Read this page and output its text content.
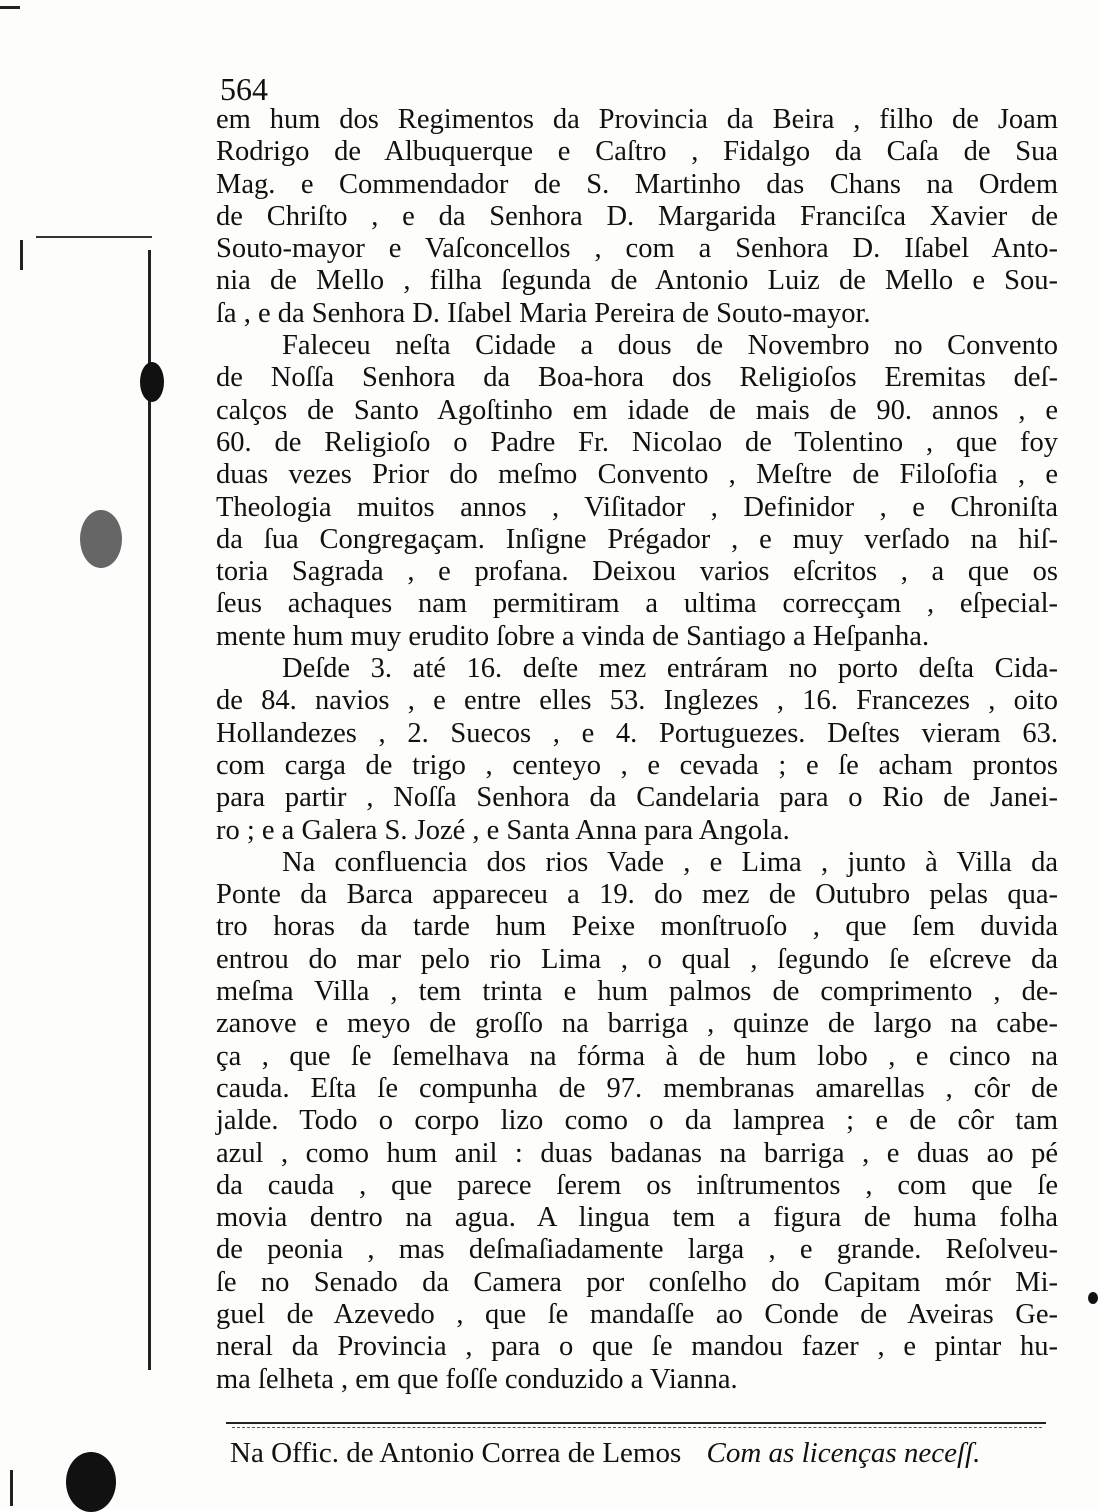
564
em hum dos Regimentos da Provincia da Beira , filho de Joam
Rodrigo de Albuquerque e Caſtro , Fidalgo da Caſa de Sua
Mag. e Commendador de S. Martinho das Chans na Ordem
de Chriſto , e da Senhora D. Margarida Franciſca Xavier de
Souto-mayor e Vaſconcellos , com a Senhora D. Iſabel Anto-
nia de Mello , filha ſegunda de Antonio Luiz de Mello e Sou-
ſa , e da Senhora D. Iſabel Maria Pereira de Souto-mayor.
Faleceu neſta Cidade a dous de Novembro no Convento
de Noſſa Senhora da Boa-hora dos Religioſos Eremitas deſ-
calços de Santo Agoſtinho em idade de mais de 90. annos , e
60. de Religioſo o Padre Fr. Nicolao de Tolentino , que foy
duas vezes Prior do meſmo Convento , Meſtre de Filoſofia , e
Theologia muitos annos , Viſitador , Definidor , e Chroniſta
da ſua Congregaçam. Inſigne Prégador , e muy verſado na hiſ-
toria Sagrada , e profana. Deixou varios eſcritos , a que os
ſeus achaques nam permitiram a ultima correcçam , eſpecial-
mente hum muy erudito ſobre a vinda de Santiago a Heſpanha.
Deſde 3. até 16. deſte mez entráram no porto deſta Cida-
de 84. navios , e entre elles 53. Inglezes , 16. Francezes , oito
Hollandezes , 2. Suecos , e 4. Portuguezes. Deſtes vieram 63.
com carga de trigo , centeyo , e cevada ; e ſe acham prontos
para partir , Noſſa Senhora da Candelaria para o Rio de Janei-
ro ; e a Galera S. Jozé , e Santa Anna para Angola.
Na confluencia dos rios Vade , e Lima , junto à Villa da
Ponte da Barca appareceu a 19. do mez de Outubro pelas qua-
tro horas da tarde hum Peixe monſtruoſo , que ſem duvida
entrou do mar pelo rio Lima , o qual , ſegundo ſe eſcreve da
meſma Villa , tem trinta e hum palmos de comprimento , de-
zanove e meyo de groſſo na barriga , quinze de largo na cabe-
ça , que ſe ſemelhava na fórma à de hum lobo , e cinco na
cauda. Eſta ſe compunha de 97. membranas amarellas , côr de
jalde. Todo o corpo lizo como o da lamprea ; e de côr tam
azul , como hum anil : duas badanas na barriga , e duas ao pé
da cauda , que parece ſerem os inſtrumentos , com que ſe
movia dentro na agua. A lingua tem a figura de huma folha
de peonia , mas deſmaſiadamente larga , e grande. Reſolveu-
ſe no Senado da Camera por conſelho do Capitam mór Mi-
guel de Azevedo , que ſe mandaſſe ao Conde de Aveiras Ge-
neral da Provincia , para o que ſe mandou fazer , e pintar hu-
ma ſelheta , em que foſſe conduzido a Vianna.
Na Offic. de Antonio Correa de Lemos Com as licenças neceſſ.
